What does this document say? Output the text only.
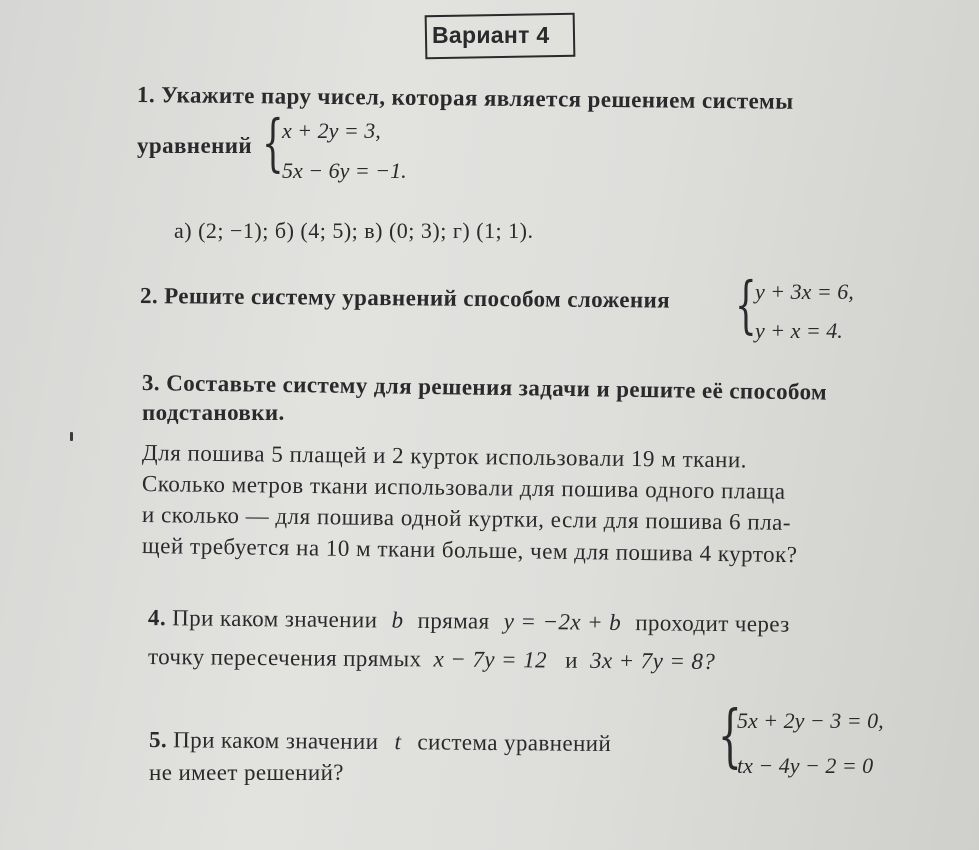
Вариант 4
1. Укажите пару чисел, которая является решением системы
уравнений {
x + 2y = 3,
5x − 6y = −1.
а) (2; −1); б) (4; 5); в) (0; 3); г) (1; 1).
2. Решите систему уравнений способом сложения {
y + 3x = 6,
y + x = 4.
3. Составьте систему для решения задачи и решите её способом
подстановки.
Для пошива 5 плащей и 2 курток использовали 19 м ткани.
Сколько метров ткани использовали для пошива одного плаща
и сколько — для пошива одной куртки, если для пошива 6 пла-
щей требуется на 10 м ткани больше, чем для пошива 4 курток?
4. При каком значении b прямая y = −2x + b проходит через
точку пересечения прямых x − 7y = 12 и 3x + 7y = 8?
5. При каком значении t система уравнений
не имеет решений?	{
5x + 2y − 3 = 0,
tx − 4y − 2 = 0
